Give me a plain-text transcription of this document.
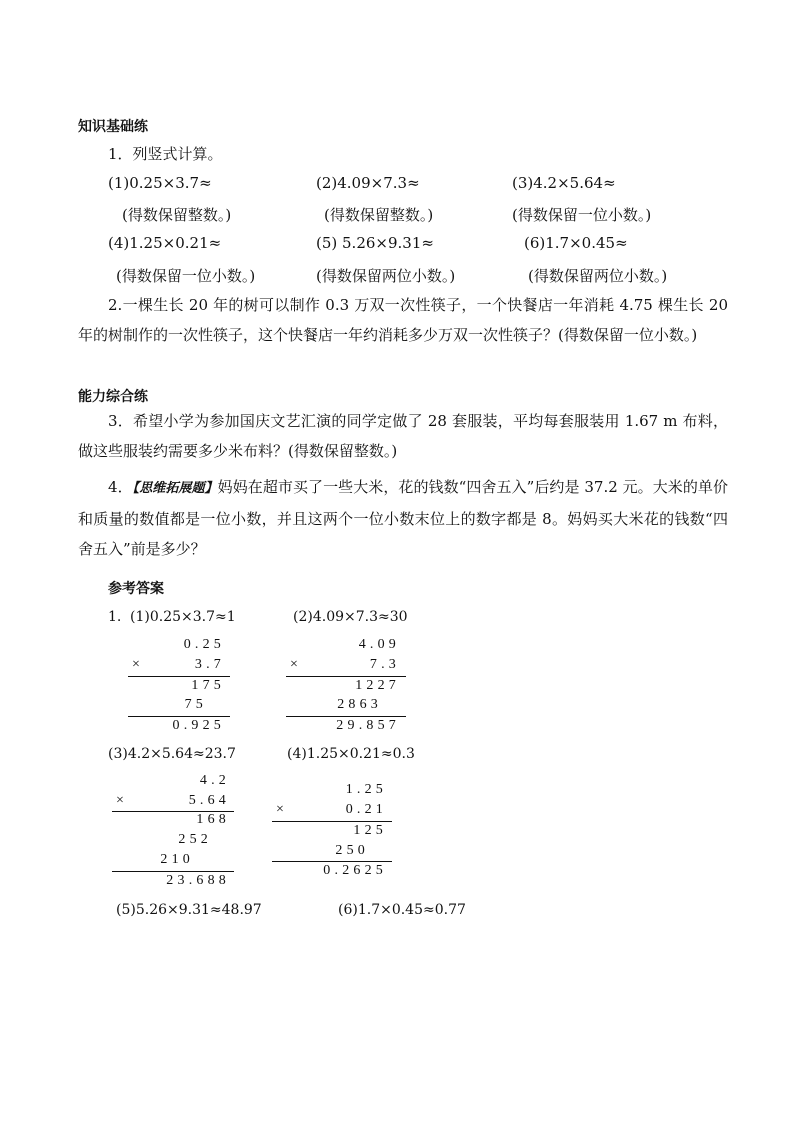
知识基础练
1．列竖式计算。
(1)0.25×3.7≈	(2)4.09×7.3≈	(3)4.2×5.64≈
(得数保留整数。)	(得数保留整数。)	(得数保留一位小数。)
(4)1.25×0.21≈	(5) 5.26×9.31≈	(6)1.7×0.45≈
(得数保留一位小数。)	(得数保留两位小数。)	(得数保留两位小数。)
2.一棵生长 20 年的树可以制作 0.3 万双一次性筷子，一个快餐店一年消耗 4.75 棵生长 20 年的树制作的一次性筷子，这个快餐店一年约消耗多少万双一次性筷子？(得数保留一位小数。)
能力综合练
3．希望小学为参加国庆文艺汇演的同学定做了 28 套服装，平均每套服装用 1.67 m 布料，做这些服装约需要多少米布料？(得数保留整数。)
4．【思维拓展题】妈妈在超市买了一些大米，花的钱数“四舍五入”后约是 37.2 元。大米的单价和质量的数值都是一位小数，并且这两个一位小数末位上的数字都是 8。妈妈买大米花的钱数“四舍五入”前是多少？
参考答案
1. (1)0.25×3.7≈1	(2)4.09×7.3≈30
0.25
×	3.7
175
75
0.925
4.09
×	7.3
1227
2863
29.857
(3)4.2×5.64≈23.7	(4)1.25×0.21≈0.3
4.2
×	5.64
168
252
210
23.688
1.25
×	0.21
125
250
0.2625
(5)5.26×9.31≈48.97	(6)1.7×0.45≈0.77
